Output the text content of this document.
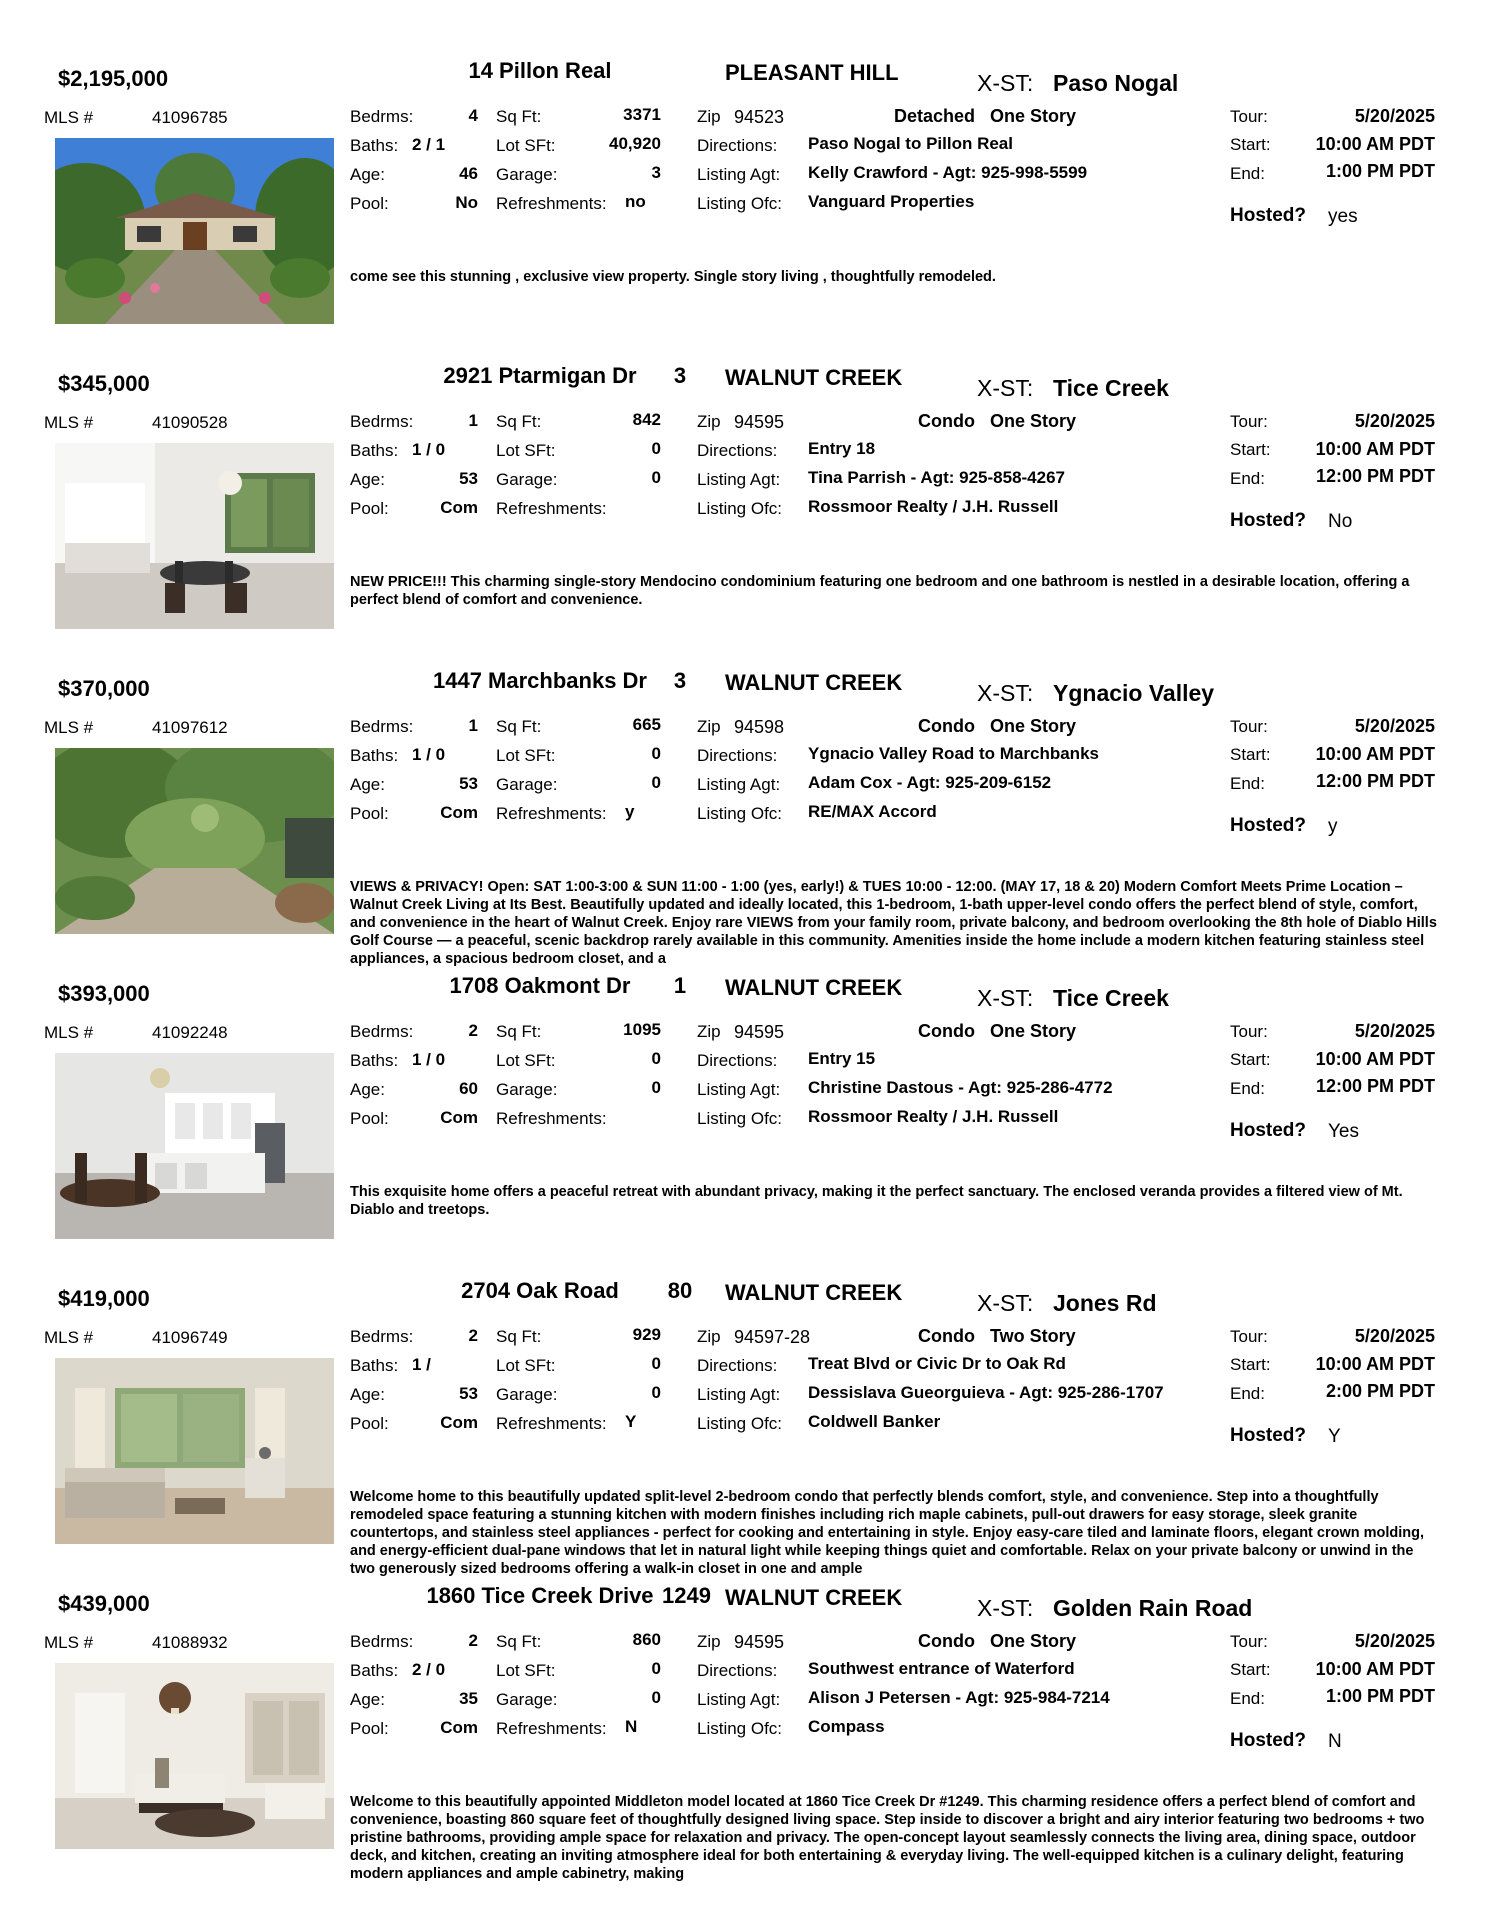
$2,195,000	14 Pillon Real	PLEASANT HILL	X-ST: Paso Nogal
MLS #	41096785	Bedrms:	4
Baths: 2 / 1
Age:	46
Pool:	No
Sq Ft:	3371
Lot SFt:	40,920
Garage:	3
Refreshments: no
Zip 94523	Detached One Story
Directions: Paso Nogal to Pillon Real
Listing Agt: Kelly Crawford - Agt: 925-998-5599
Listing Ofc: Vanguard Properties
Tour:	5/20/2025
Start:	10:00 AM PDT
End:	1:00 PM PDT
Hosted? yes
come see this stunning , exclusive view property. Single story living , thoughtfully remodeled.
$345,000	2921 Ptarmigan Dr	3	WALNUT CREEK	X-ST: Tice Creek
MLS #	41090528	Bedrms:	1
Baths: 1 / 0
Age:	53
Pool:	Com
Sq Ft:	842
Lot SFt:	0
Garage:	0
Refreshments:
Zip 94595	Condo One Story
Directions: Entry 18
Listing Agt: Tina Parrish - Agt: 925-858-4267
Listing Ofc: Rossmoor Realty / J.H. Russell
Tour:	5/20/2025
Start:	10:00 AM PDT
End:	12:00 PM PDT
Hosted? No
NEW PRICE!!! This charming single-story Mendocino condominium featuring one bedroom and one bathroom is nestled in a desirable location, offering a perfect blend of comfort and convenience.
$370,000	1447 Marchbanks Dr	3	WALNUT CREEK	X-ST: Ygnacio Valley
MLS #	41097612	Bedrms:	1
Baths: 1 / 0
Age:	53
Pool:	Com
Sq Ft:	665
Lot SFt:	0
Garage:	0
Refreshments: y
Zip 94598	Condo One Story
Directions: Ygnacio Valley Road to Marchbanks
Listing Agt: Adam Cox - Agt: 925-209-6152
Listing Ofc: RE/MAX Accord
Tour:	5/20/2025
Start:	10:00 AM PDT
End:	12:00 PM PDT
Hosted? y
VIEWS & PRIVACY! Open: SAT 1:00-3:00 & SUN 11:00 - 1:00 (yes, early!) & TUES 10:00 - 12:00. (MAY 17, 18 & 20) Modern Comfort Meets Prime Location – Walnut Creek Living at Its Best. Beautifully updated and ideally located, this 1-bedroom, 1-bath upper-level condo offers the perfect blend of style, comfort, and convenience in the heart of Walnut Creek. Enjoy rare VIEWS from your family room, private balcony, and bedroom overlooking the 8th hole of Diablo Hills Golf Course — a peaceful, scenic backdrop rarely available in this community. Amenities inside the home include a modern kitchen featuring stainless steel appliances, a spacious bedroom closet, and a
$393,000	1708 Oakmont Dr	1	WALNUT CREEK	X-ST: Tice Creek
MLS #	41092248	Bedrms:	2
Baths: 1 / 0
Age:	60
Pool:	Com
Sq Ft:	1095
Lot SFt:	0
Garage:	0
Refreshments:
Zip 94595	Condo One Story
Directions: Entry 15
Listing Agt: Christine Dastous - Agt: 925-286-4772
Listing Ofc: Rossmoor Realty / J.H. Russell
Tour:	5/20/2025
Start:	10:00 AM PDT
End:	12:00 PM PDT
Hosted? Yes
This exquisite home offers a peaceful retreat with abundant privacy, making it the perfect sanctuary. The enclosed veranda provides a filtered view of Mt. Diablo and treetops.
$419,000	2704 Oak Road	80 WALNUT CREEK	X-ST: Jones Rd
MLS #	41096749	Bedrms:	2
Baths: 1 /
Age:	53
Pool:	Com
Sq Ft:	929
Lot SFt:	0
Garage:	0
Refreshments: Y
Zip 94597-28	Condo Two Story
Directions: Treat Blvd or Civic Dr to Oak Rd
Listing Agt: Dessislava Gueorguieva - Agt: 925-286-1707
Listing Ofc: Coldwell Banker
Tour:	5/20/2025
Start:	10:00 AM PDT
End:	2:00 PM PDT
Hosted? Y
Welcome home to this beautifully updated split-level 2-bedroom condo that perfectly blends comfort, style, and convenience. Step into a thoughtfully remodeled space featuring a stunning kitchen with modern finishes including rich maple cabinets, pull-out drawers for easy storage, sleek granite countertops, and stainless steel appliances - perfect for cooking and entertaining in style. Enjoy easy-care tiled and laminate floors, elegant crown molding, and energy-efficient dual-pane windows that let in natural light while keeping things quiet and comfortable. Relax on your private balcony or unwind in the two generously sized bedrooms offering a walk-in closet in one and ample
$439,000	1860 Tice Creek Drive 1249 WALNUT CREEK	X-ST: Golden Rain Road
MLS #	41088932	Bedrms:	2
Baths: 2 / 0
Age:	35
Pool:	Com
Sq Ft:	860
Lot SFt:	0
Garage:	0
Refreshments: N
Zip 94595	Condo One Story
Directions: Southwest entrance of Waterford
Listing Agt: Alison J Petersen - Agt: 925-984-7214
Listing Ofc: Compass
Tour:	5/20/2025
Start:	10:00 AM PDT
End:	1:00 PM PDT
Hosted? N
Welcome to this beautifully appointed Middleton model located at 1860 Tice Creek Dr #1249. This charming residence offers a perfect blend of comfort and convenience, boasting 860 square feet of thoughtfully designed living space. Step inside to discover a bright and airy interior featuring two bedrooms + two pristine bathrooms, providing ample space for relaxation and privacy. The open-concept layout seamlessly connects the living area, dining space, outdoor deck, and kitchen, creating an inviting atmosphere ideal for both entertaining & everyday living. The well-equipped kitchen is a culinary delight, featuring modern appliances and ample cabinetry, making
